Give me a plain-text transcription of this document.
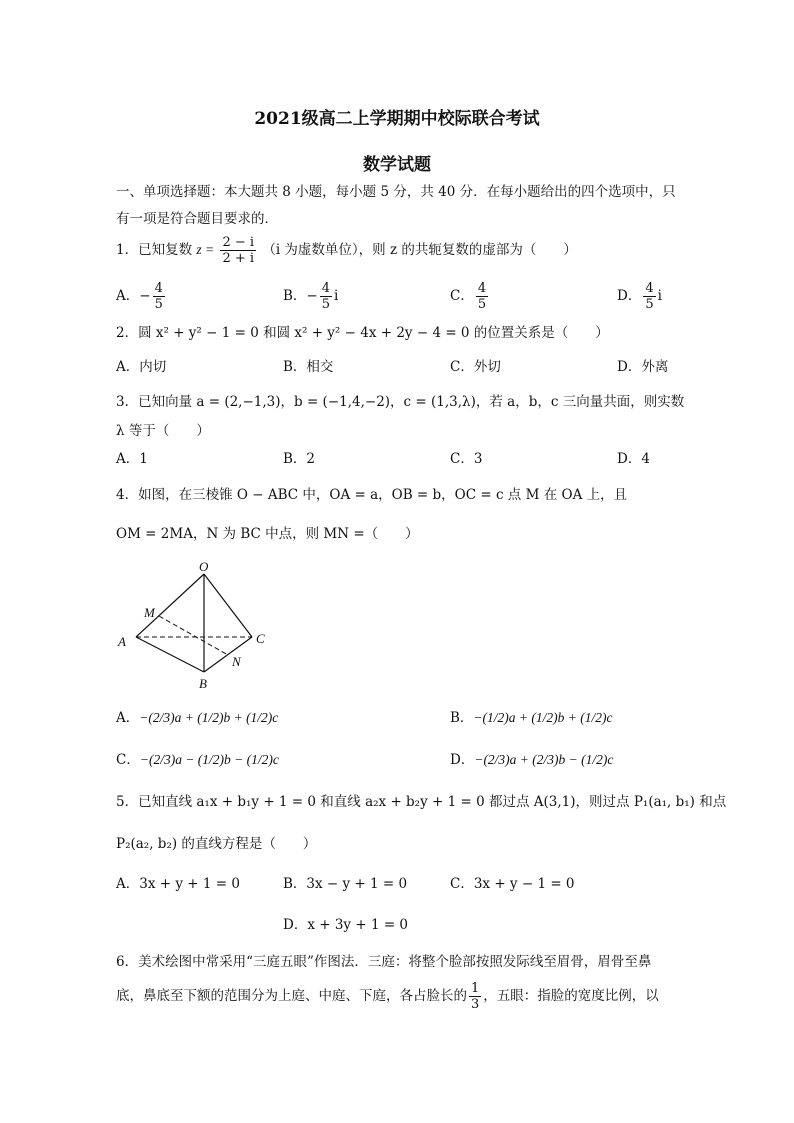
2021级高二上学期期中校际联合考试
数学试题
一、单项选择题：本大题共 8 小题，每小题 5 分，共 40 分．在每小题给出的四个选项中，只
有一项是符合题目要求的．
1．已知复数 $z = \frac{2 - i}{2 + i} (i$ 为虚数单位），则 z 的共轭复数的虚部为（　　）
A．− $\frac{4}{5}$	B．− $\frac{4}{5}$ i	C． $\frac{4}{5}$	D． $\frac{4}{5}$ i
2．圆 x² + y² − 1 = 0 和圆 x² + y² − 4x + 2y − 4 = 0 的位置关系是（　　）
A．内切	B．相交	C．外切	D．外离
3．已知向量 a = (2,−1,3)，b = (−1,4,−2)，c = (1,3,λ)，若 a，b，c 三向量共面，则实数
λ 等于（　　）
A．1	B．2	C．3	D．4
4．如图，在三棱锥 O − ABC 中，OA = a，OB = b，OC = c 点 M 在 OA 上，且
OM = 2MA，N 为 BC 中点，则 MN =（　　）
O
M
A	C
N
B
A．−(2/3)a + (1/2)b + (1/2)c	B．−(1/2)a + (1/2)b + (1/2)c
C．−(2/3)a − (1/2)b − (1/2)c	D．−(2/3)a + (2/3)b − (1/2)c
5．已知直线 a₁x + b₁y + 1 = 0 和直线 a₂x + b₂y + 1 = 0 都过点 A(3,1)，则过点 P₁(a₁, b₁) 和点
P₂(a₂, b₂) 的直线方程是（　　）
A．3x + y + 1 = 0	B．3x − y + 1 = 0	C．3x + y − 1 = 0
D．x + 3y + 1 = 0
6．美术绘图中常采用“三庭五眼”作图法．三庭：将整个脸部按照发际线至眉骨，眉骨至鼻
底，鼻底至下额的范围分为上庭、中庭、下庭，各占脸长的 $\frac{1}{3}$ ，五眼：指脸的宽度比例，以
